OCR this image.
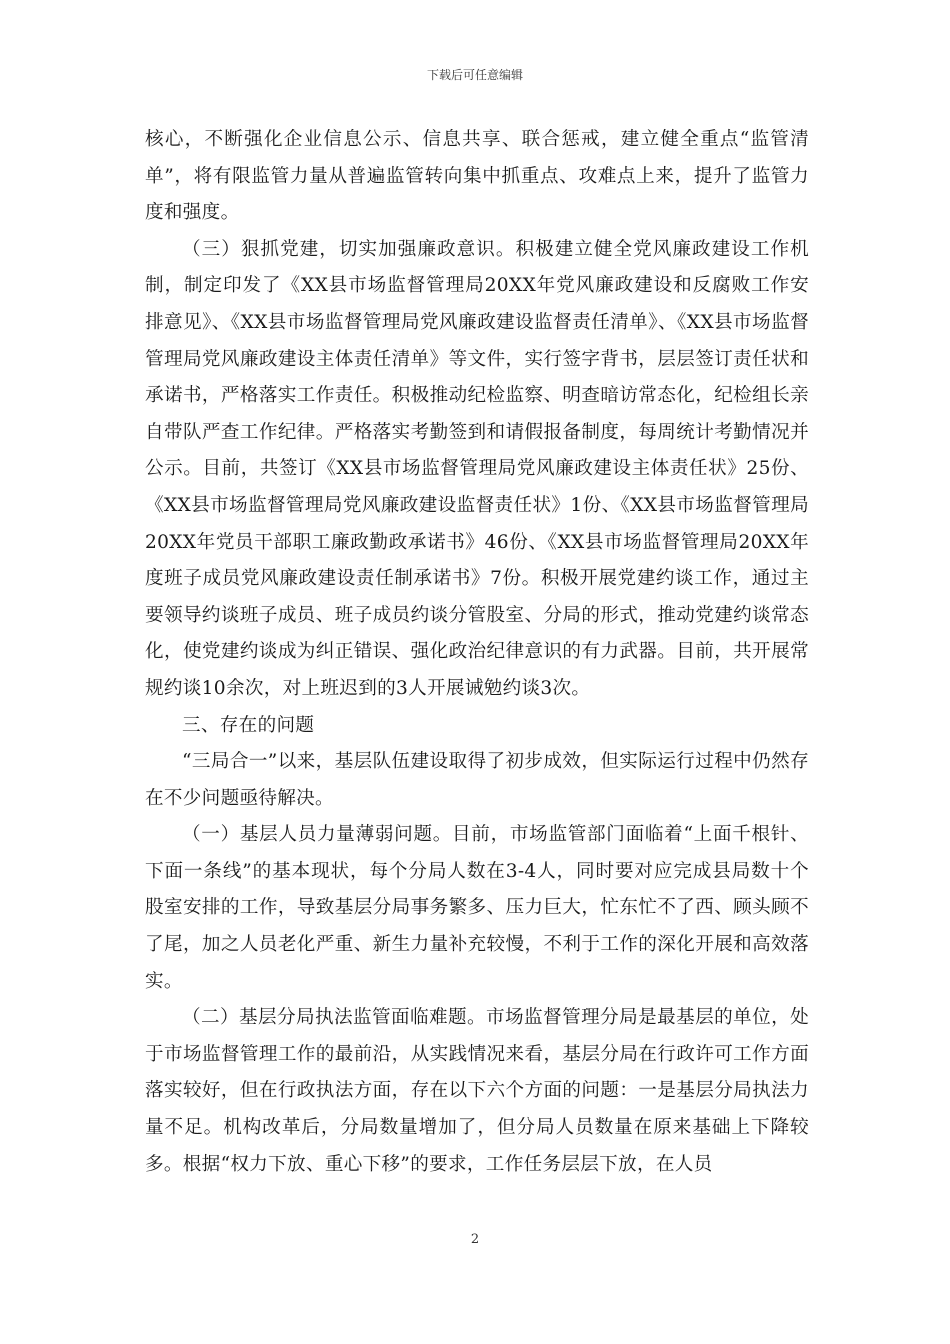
下载后可任意编辑

核心，不断强化企业信息公示、信息共享、联合惩戒，建立健全重点“监管清单”，将有限监管力量从普遍监管转向集中抓重点、攻难点上来，提升了监管力度和强度。

（三）狠抓党建，切实加强廉政意识。积极建立健全党风廉政建设工作机制，制定印发了《XX县市场监督管理局20XX年党风廉政建设和反腐败工作安排意见》、《XX县市场监督管理局党风廉政建设监督责任清单》、《XX县市场监督管理局党风廉政建设主体责任清单》等文件，实行签字背书，层层签订责任状和承诺书，严格落实工作责任。积极推动纪检监察、明查暗访常态化，纪检组长亲自带队严查工作纪律。严格落实考勤签到和请假报备制度，每周统计考勤情况并公示。目前，共签订《XX县市场监督管理局党风廉政建设主体责任状》25份、《XX县市场监督管理局党风廉政建设监督责任状》1份、《XX县市场监督管理局20XX年党员干部职工廉政勤政承诺书》46份、《XX县市场监督管理局20XX年度班子成员党风廉政建设责任制承诺书》7份。积极开展党建约谈工作，通过主要领导约谈班子成员、班子成员约谈分管股室、分局的形式，推动党建约谈常态化，使党建约谈成为纠正错误、强化政治纪律意识的有力武器。目前，共开展常规约谈10余次，对上班迟到的3人开展诫勉约谈3次。

三、存在的问题

“三局合一”以来，基层队伍建设取得了初步成效，但实际运行过程中仍然存在不少问题亟待解决。

（一）基层人员力量薄弱问题。目前，市场监管部门面临着“上面千根针、下面一条线”的基本现状，每个分局人数在3-4人，同时要对应完成县局数十个股室安排的工作，导致基层分局事务繁多、压力巨大，忙东忙不了西、顾头顾不了尾，加之人员老化严重、新生力量补充较慢，不利于工作的深化开展和高效落实。

（二）基层分局执法监管面临难题。市场监督管理分局是最基层的单位，处于市场监督管理工作的最前沿，从实践情况来看，基层分局在行政许可工作方面落实较好，但在行政执法方面，存在以下六个方面的问题：一是基层分局执法力量不足。机构改革后，分局数量增加了，但分局人员数量在原来基础上下降较多。根据“权力下放、重心下移”的要求，工作任务层层下放，在人员

2
